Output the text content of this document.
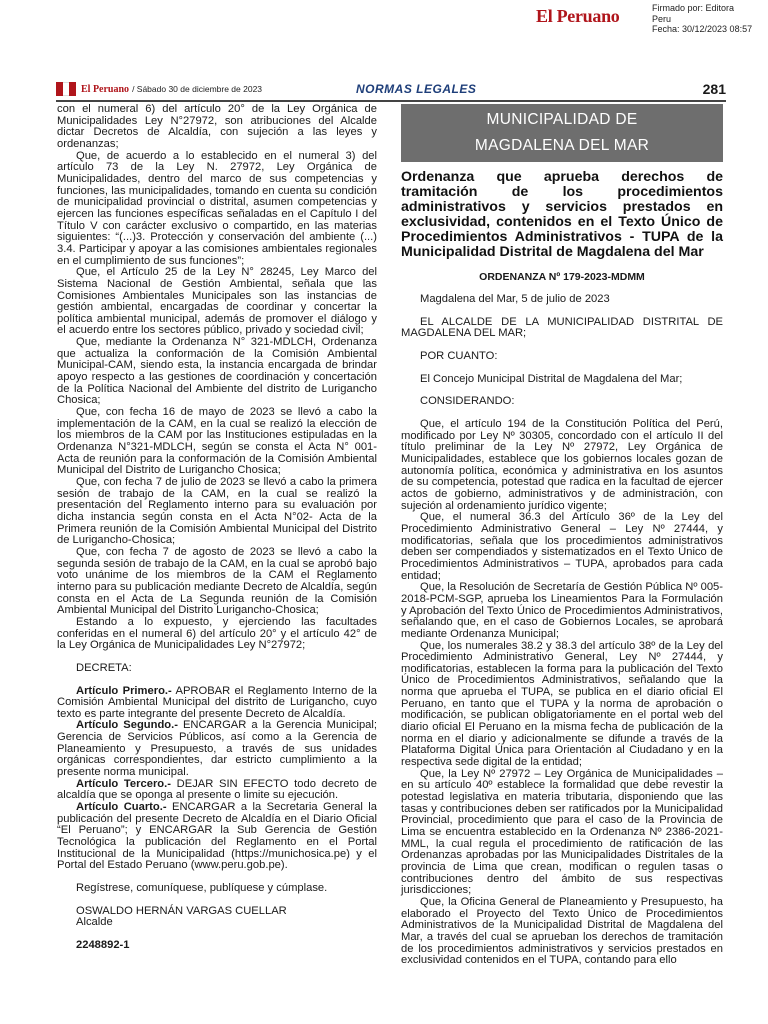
El Peruano	Firmado por: Editora
Peru
Fecha: 30/12/2023 08:57
El Peruano / Sábado 30 de diciembre de 2023	NORMAS LEGALES	281

con el numeral 6) del artículo 20° de la Ley Orgánica de Municipalidades Ley N°27972, son atribuciones del Alcalde dictar Decretos de Alcaldía, con sujeción a las leyes y ordenanzas;

Que, de acuerdo a lo establecido en el numeral 3) del artículo 73 de la Ley N. 27972, Ley Orgánica de Municipalidades, dentro del marco de sus competencias y funciones, las municipalidades, tomando en cuenta su condición de municipalidad provincial o distrital, asumen competencias y ejercen las funciones específicas señaladas en el Capítulo I del Título V con carácter exclusivo o compartido, en las materias siguientes: “(...)3. Protección y conservación del ambiente (...) 3.4. Participar y apoyar a las comisiones ambientales regionales en el cumplimiento de sus funciones”;

Que, el Artículo 25 de la Ley N° 28245, Ley Marco del Sistema Nacional de Gestión Ambiental, señala que las Comisiones Ambientales Municipales son las instancias de gestión ambiental, encargadas de coordinar y concertar la política ambiental municipal, además de promover el diálogo y el acuerdo entre los sectores público, privado y sociedad civil;

Que, mediante la Ordenanza N° 321-MDLCH, Ordenanza que actualiza la conformación de la Comisión Ambiental Municipal-CAM, siendo esta, la instancia encargada de brindar apoyo respecto a las gestiones de coordinación y concertación de la Política Nacional del Ambiente del distrito de Lurigancho Chosica;

Que, con fecha 16 de mayo de 2023 se llevó a cabo la implementación de la CAM, en la cual se realizó la elección de los miembros de la CAM por las Instituciones estipuladas en la Ordenanza N°321-MDLCH, según se consta el Acta N° 001-Acta de reunión para la conformación de la Comisión Ambiental Municipal del Distrito de Lurigancho Chosica;

Que, con fecha 7 de julio de 2023 se llevó a cabo la primera sesión de trabajo de la CAM, en la cual se realizó la presentación del Reglamento interno para su evaluación por dicha instancia según consta en el Acta N°02- Acta de la Primera reunión de la Comisión Ambiental Municipal del Distrito de Lurigancho-Chosica;

Que, con fecha 7 de agosto de 2023 se llevó a cabo la segunda sesión de trabajo de la CAM, en la cual se aprobó bajo voto unánime de los miembros de la CAM el Reglamento interno para su publicación mediante Decreto de Alcaldía, según consta en el Acta de La Segunda reunión de la Comisión Ambiental Municipal del Distrito Lurigancho-Chosica;

Estando a lo expuesto, y ejerciendo las facultades conferidas en el numeral 6) del artículo 20° y el artículo 42° de la Ley Orgánica de Municipalidades Ley N°27972;

DECRETA:

Artículo Primero.- APROBAR el Reglamento Interno de la Comisión Ambiental Municipal del distrito de Lurigancho, cuyo texto es parte integrante del presente Decreto de Alcaldía.

Artículo Segundo.- ENCARGAR a la Gerencia Municipal; Gerencia de Servicios Públicos, así como a la Gerencia de Planeamiento y Presupuesto, a través de sus unidades orgánicas correspondientes, dar estricto cumplimiento a la presente norma municipal.

Artículo Tercero.- DEJAR SIN EFECTO todo decreto de alcaldía que se oponga al presente o limite su ejecución.

Artículo Cuarto.- ENCARGAR a la Secretaria General la publicación del presente Decreto de Alcaldía en el Diario Oficial “El Peruano”; y ENCARGAR la Sub Gerencia de Gestión Tecnológica la publicación del Reglamento en el Portal Institucional de la Municipalidad (https://munichosica.pe) y el Portal del Estado Peruano (www.peru.gob.pe).

Regístrese, comuníquese, publíquese y cúmplase.

OSWALDO HERNÁN VARGAS CUELLAR

Alcalde

2248892-1

MUNICIPALIDAD DE
MAGDALENA DEL MAR
Ordenanza que aprueba derechos de tramitación de los procedimientos administrativos y servicios prestados en exclusividad, contenidos en el Texto Único de Procedimientos Administrativos - TUPA de la Municipalidad Distrital de Magdalena del Mar
ORDENANZA Nº 179-2023-MDMM

Magdalena del Mar, 5 de julio de 2023

EL ALCALDE DE LA MUNICIPALIDAD DISTRITAL DE MAGDALENA DEL MAR;

POR CUANTO:

El Concejo Municipal Distrital de Magdalena del Mar;

CONSIDERANDO:

Que, el artículo 194 de la Constitución Política del Perú, modificado por Ley Nº 30305, concordado con el artículo II del título preliminar de la Ley Nº 27972, Ley Orgánica de Municipalidades, establece que los gobiernos locales gozan de autonomía política, económica y administrativa en los asuntos de su competencia, potestad que radica en la facultad de ejercer actos de gobierno, administrativos y de administración, con sujeción al ordenamiento jurídico vigente;

Que, el numeral 36.3 del Artículo 36º de la Ley del Procedimiento Administrativo General – Ley Nº 27444, y modificatorias, señala que los procedimientos administrativos deben ser compendiados y sistematizados en el Texto Único de Procedimientos Administrativos – TUPA, aprobados para cada entidad;

Que, la Resolución de Secretaría de Gestión Pública Nº 005-2018-PCM-SGP, aprueba los Lineamientos Para la Formulación y Aprobación del Texto Único de Procedimientos Administrativos, señalando que, en el caso de Gobiernos Locales, se aprobará mediante Ordenanza Municipal;

Que, los numerales 38.2 y 38.3 del artículo 38º de la Ley del Procedimiento Administrativo General, Ley Nº 27444, y modificatorias, establecen la forma para la publicación del Texto Único de Procedimientos Administrativos, señalando que la norma que aprueba el TUPA, se publica en el diario oficial El Peruano, en tanto que el TUPA y la norma de aprobación o modificación, se publican obligatoriamente en el portal web del diario oficial El Peruano en la misma fecha de publicación de la norma en el diario y adicionalmente se difunde a través de la Plataforma Digital Única para Orientación al Ciudadano y en la respectiva sede digital de la entidad;

Que, la Ley Nº 27972 – Ley Orgánica de Municipalidades – en su artículo 40º establece la formalidad que debe revestir la potestad legislativa en materia tributaria, disponiendo que las tasas y contribuciones deben ser ratificados por la Municipalidad Provincial, procedimiento que para el caso de la Provincia de Lima se encuentra establecido en la Ordenanza Nº 2386-2021-MML, la cual regula el procedimiento de ratificación de las Ordenanzas aprobadas por las Municipalidades Distritales de la provincia de Lima que crean, modifican o regulen tasas o contribuciones dentro del ámbito de sus respectivas jurisdicciones;

Que, la Oficina General de Planeamiento y Presupuesto, ha elaborado el Proyecto del Texto Único de Procedimientos Administrativos de la Municipalidad Distrital de Magdalena del Mar, a través del cual se aprueban los derechos de tramitación de los procedimientos administrativos y servicios prestados en exclusividad contenidos en el TUPA, contando para ello
